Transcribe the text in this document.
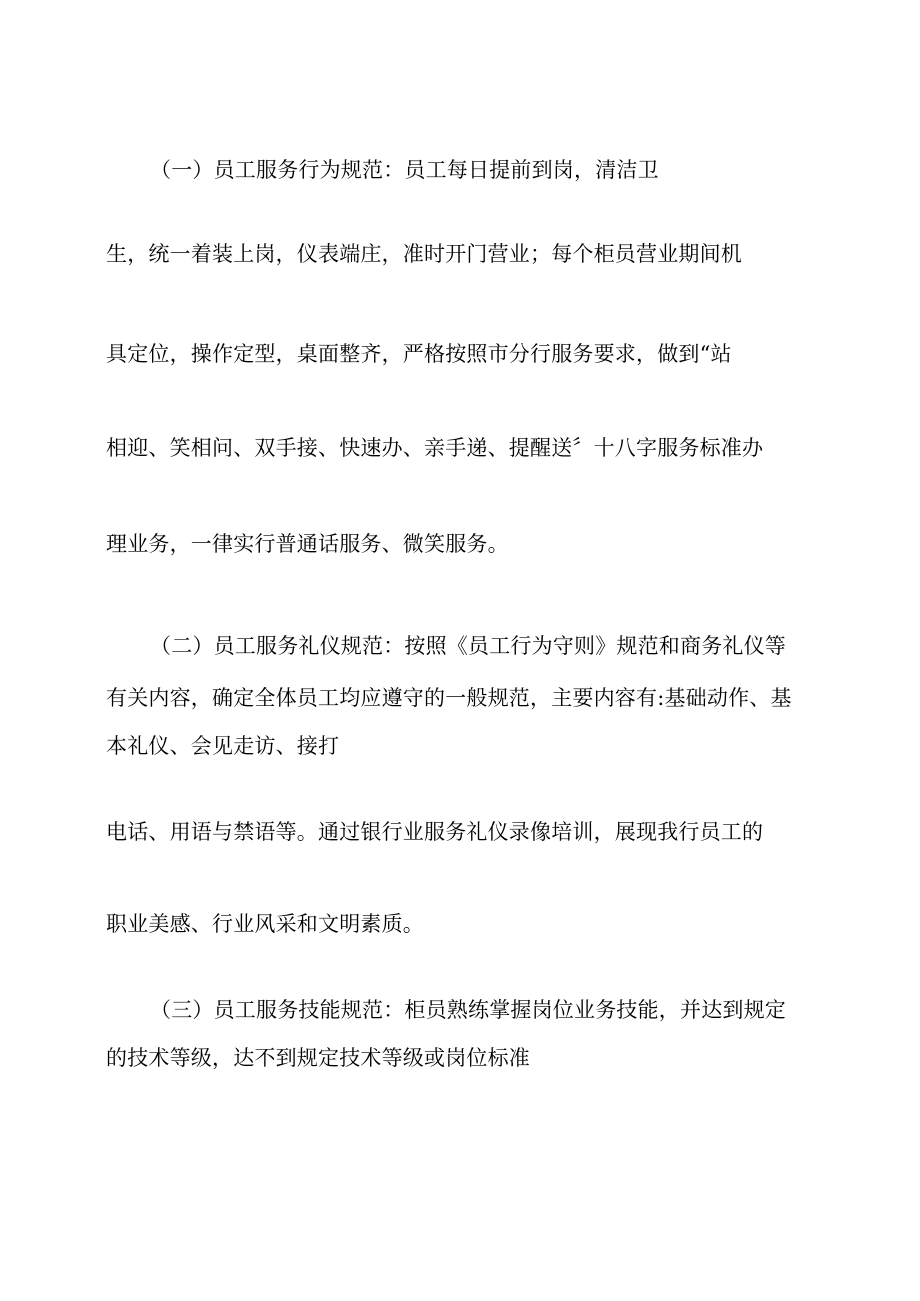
（一）员工服务行为规范：员工每日提前到岗，清洁卫

生，统一着装上岗，仪表端庄，准时开门营业；每个柜员营业期间机

具定位，操作定型，桌面整齐，严格按照市分行服务要求，做到“站

相迎、笑相问、双手接、快速办、亲手递、提醒送〞十八字服务标准办

理业务，一律实行普通话服务、微笑服务。

（二）员工服务礼仪规范：按照《员工行为守则》规范和商务礼仪等

有关内容，确定全体员工均应遵守的一般规范，主要内容有:基础动作、基

本礼仪、会见走访、接打

电话、用语与禁语等。通过银行业服务礼仪录像培训，展现我行员工的

职业美感、行业风采和文明素质。

（三）员工服务技能规范：柜员熟练掌握岗位业务技能，并达到规定

的技术等级，达不到规定技术等级或岗位标准
